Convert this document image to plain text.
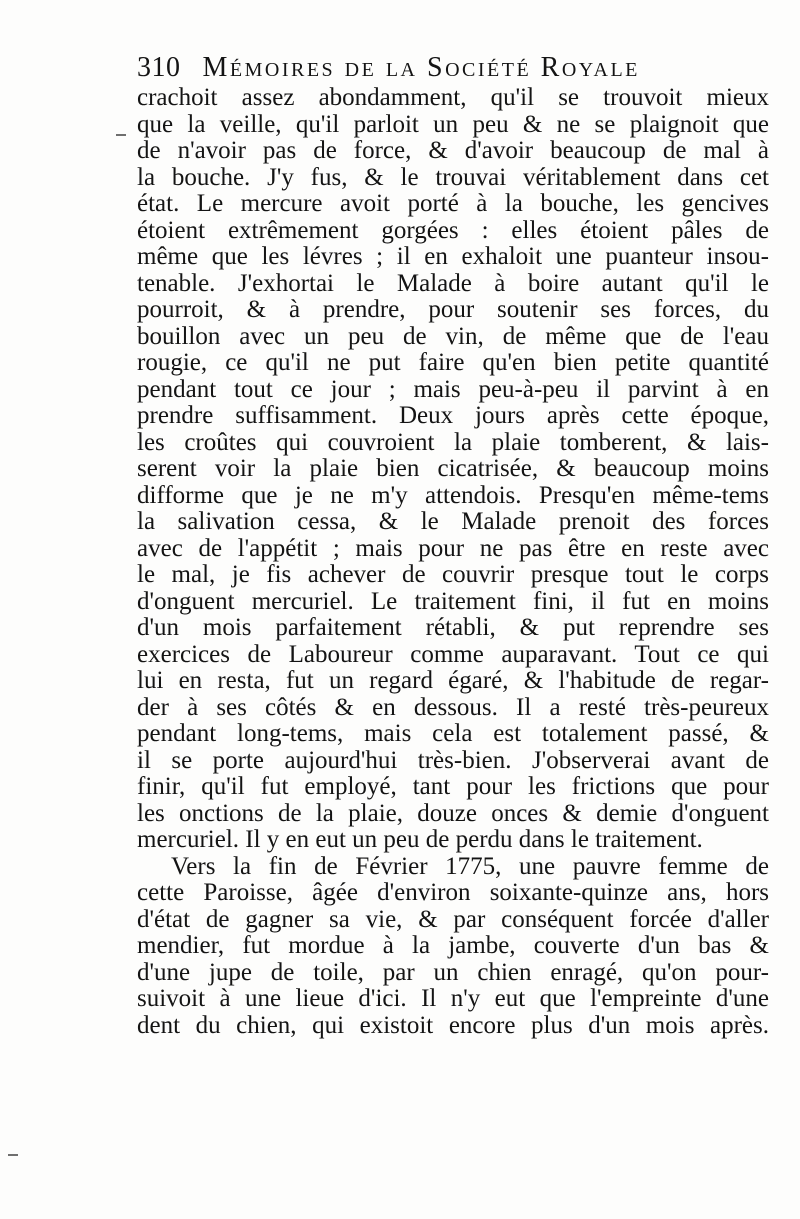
310 Mémoires de la Société Royale
crachoit assez abondamment, qu'il se trouvoit mieux
que la veille, qu'il parloit un peu & ne se plaignoit que
de n'avoir pas de force, & d'avoir beaucoup de mal à
la bouche. J'y fus, & le trouvai véritablement dans cet
état. Le mercure avoit porté à la bouche, les gencives
étoient extrêmement gorgées : elles étoient pâles de
même que les lévres ; il en exhaloit une puanteur insou-
tenable. J'exhortai le Malade à boire autant qu'il le
pourroit, & à prendre, pour soutenir ses forces, du
bouillon avec un peu de vin, de même que de l'eau
rougie, ce qu'il ne put faire qu'en bien petite quantité
pendant tout ce jour ; mais peu-à-peu il parvint à en
prendre suffisamment. Deux jours après cette époque,
les croûtes qui couvroient la plaie tomberent, & lais-
serent voir la plaie bien cicatrisée, & beaucoup moins
difforme que je ne m'y attendois. Presqu'en même-tems
la salivation cessa, & le Malade prenoit des forces
avec de l'appétit ; mais pour ne pas être en reste avec
le mal, je fis achever de couvrir presque tout le corps
d'onguent mercuriel. Le traitement fini, il fut en moins
d'un mois parfaitement rétabli, & put reprendre ses
exercices de Laboureur comme auparavant. Tout ce qui
lui en resta, fut un regard égaré, & l'habitude de regar-
der à ses côtés & en dessous. Il a resté très-peureux
pendant long-tems, mais cela est totalement passé, &
il se porte aujourd'hui très-bien. J'observerai avant de
finir, qu'il fut employé, tant pour les frictions que pour
les onctions de la plaie, douze onces & demie d'onguent
mercuriel. Il y en eut un peu de perdu dans le traitement.
Vers la fin de Février 1775, une pauvre femme de
cette Paroisse, âgée d'environ soixante-quinze ans, hors
d'état de gagner sa vie, & par conséquent forcée d'aller
mendier, fut mordue à la jambe, couverte d'un bas &
d'une jupe de toile, par un chien enragé, qu'on pour-
suivoit à une lieue d'ici. Il n'y eut que l'empreinte d'une
dent du chien, qui existoit encore plus d'un mois après.
